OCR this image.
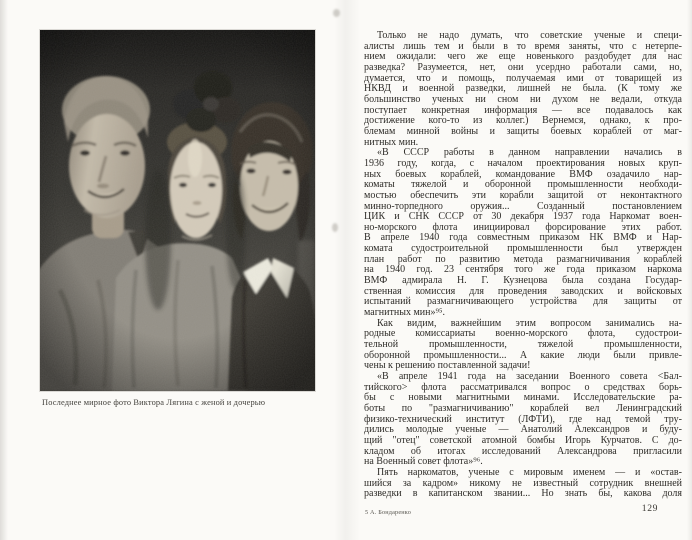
Последнее мирное фото Виктора Лягина с женой и дочерью
Только не надо думать, что советские ученые и специ-
алисты лишь тем и были в то время заняты, что с нетерпе-
нием ожидали: чего же еще новенького раздобудет для нас
разведка? Разумеется, нет, они усердно работали сами, но,
думается, что и помощь, получаемая ими от товарищей из
НКВД и военной разведки, лишней не была. (К тому же
большинство ученых ни сном ни духом не ведали, откуда
поступает конкретная информация — все подавалось как
достижение кого-то из коллег.) Вернемся, однако, к про-
блемам минной войны и защиты боевых кораблей от маг-
нитных мин.
«В СССР работы в данном направлении начались в
1936 году, когда, с началом проектирования новых круп-
ных боевых кораблей, командование ВМФ озадачило нар-
коматы тяжелой и оборонной промышленности необходи-
мостью обеспечить эти корабли защитой от неконтактного
минно-торпедного оружия... Созданный постановлением
ЦИК и СНК СССР от 30 декабря 1937 года Наркомат воен-
но-морского флота инициировал форсирование этих работ.
В апреле 1940 года совместным приказом НК ВМФ и Нар-
комата судостроительной промышленности был утвержден
план работ по развитию метода размагничивания кораблей
на 1940 год. 23 сентября того же года приказом наркома
ВМФ адмирала Н. Г. Кузнецова была создана Государ-
ственная комиссия для проведения заводских и войсковых
испытаний размагничивающего устройства для защиты от
магнитных мин»⁹⁵.
Как видим, важнейшим этим вопросом занимались на-
родные комиссариаты военно-морского флота, судострои-
тельной промышленности, тяжелой промышленности,
оборонной промышленности... А какие люди были привле-
чены к решению поставленной задачи!
«В апреле 1941 года на заседании Военного совета <Бал-
тийского> флота рассматривался вопрос о средствах борь-
бы с новыми магнитными минами. Исследовательские ра-
боты по "размагничиванию" кораблей вел Ленинградский
физико-технический институт (ЛФТИ), где над темой тру-
дились молодые ученые — Анатолий Александров и буду-
щий "отец" советской атомной бомбы Игорь Курчатов. С до-
кладом об итогах исследований Александрова пригласили
на Военный совет флота»⁹⁶.
Пять наркоматов, ученые с мировым именем — и «остав-
шийся за кадром» никому не известный сотрудник внешней
разведки в капитанском звании... Но знать бы, какова доля
5 А. Бондаренко	129
